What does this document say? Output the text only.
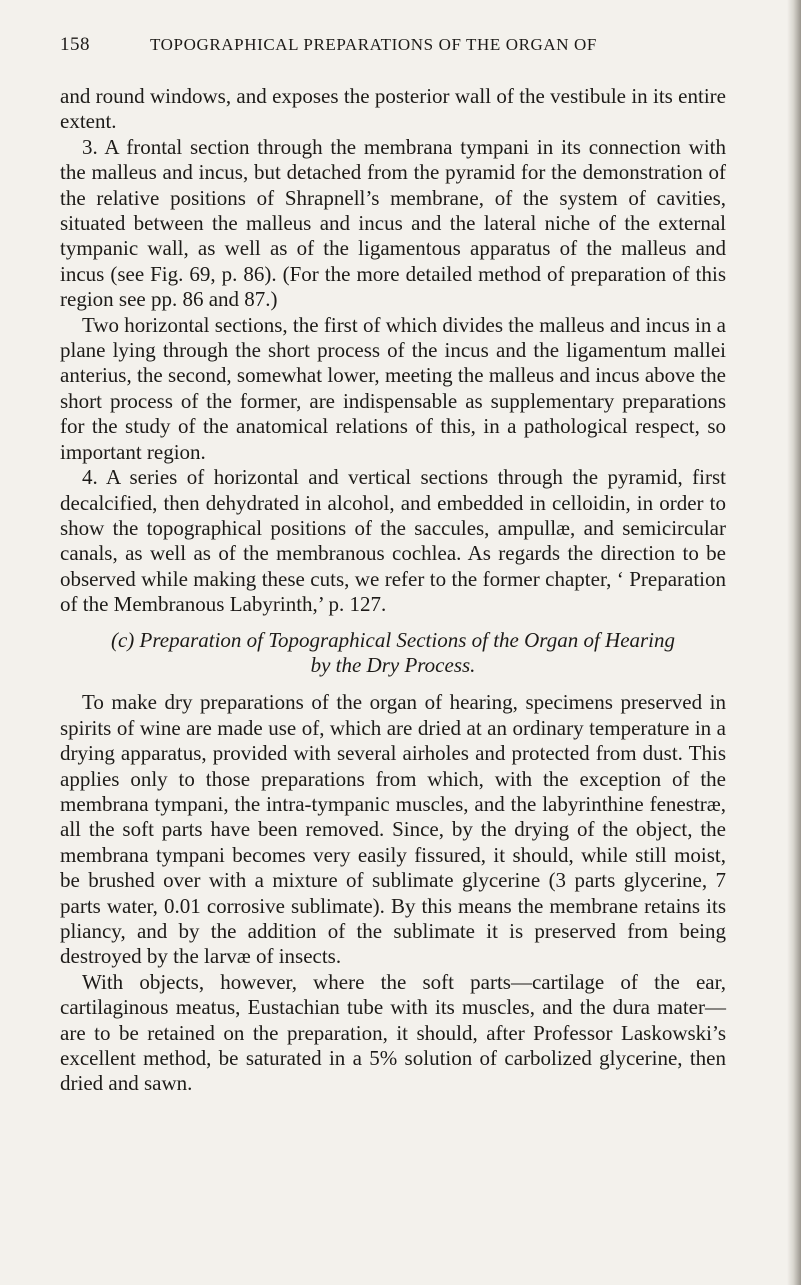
158	TOPOGRAPHICAL PREPARATIONS OF THE ORGAN OF

and round windows, and exposes the posterior wall of the vestibule in its entire extent.

3. A frontal section through the membrana tympani in its connection with the malleus and incus, but detached from the pyramid for the demonstration of the relative positions of Shrapnell’s membrane, of the system of cavities, situated between the malleus and incus and the lateral niche of the external tympanic wall, as well as of the ligamentous apparatus of the malleus and incus (see Fig. 69, p. 86). (For the more detailed method of preparation of this region see pp. 86 and 87.)

Two horizontal sections, the first of which divides the malleus and incus in a plane lying through the short process of the incus and the ligamentum mallei anterius, the second, somewhat lower, meeting the malleus and incus above the short process of the former, are indispensable as supplementary preparations for the study of the anatomical relations of this, in a pathological respect, so important region.

4. A series of horizontal and vertical sections through the pyramid, first decalcified, then dehydrated in alcohol, and embedded in celloidin, in order to show the topographical positions of the saccules, ampullæ, and semicircular canals, as well as of the membranous cochlea. As regards the direction to be observed while making these cuts, we refer to the former chapter, ‘ Preparation of the Membranous Labyrinth,’ p. 127.

(c) Preparation of Topographical Sections of the Organ of Hearing
by the Dry Process.

To make dry preparations of the organ of hearing, specimens preserved in spirits of wine are made use of, which are dried at an ordinary temperature in a drying apparatus, provided with several airholes and protected from dust. This applies only to those preparations from which, with the exception of the membrana tympani, the intra-tympanic muscles, and the labyrinthine fenestræ, all the soft parts have been removed. Since, by the drying of the object, the membrana tympani becomes very easily fissured, it should, while still moist, be brushed over with a mixture of sublimate glycerine (3 parts glycerine, 7 parts water, 0.01 corrosive sublimate). By this means the membrane retains its pliancy, and by the addition of the sublimate it is preserved from being destroyed by the larvæ of insects.

With objects, however, where the soft parts—cartilage of the ear, cartilaginous meatus, Eustachian tube with its muscles, and the dura mater—are to be retained on the preparation, it should, after Professor Laskowski’s excellent method, be saturated in a 5% solution of carbolized glycerine, then dried and sawn.
